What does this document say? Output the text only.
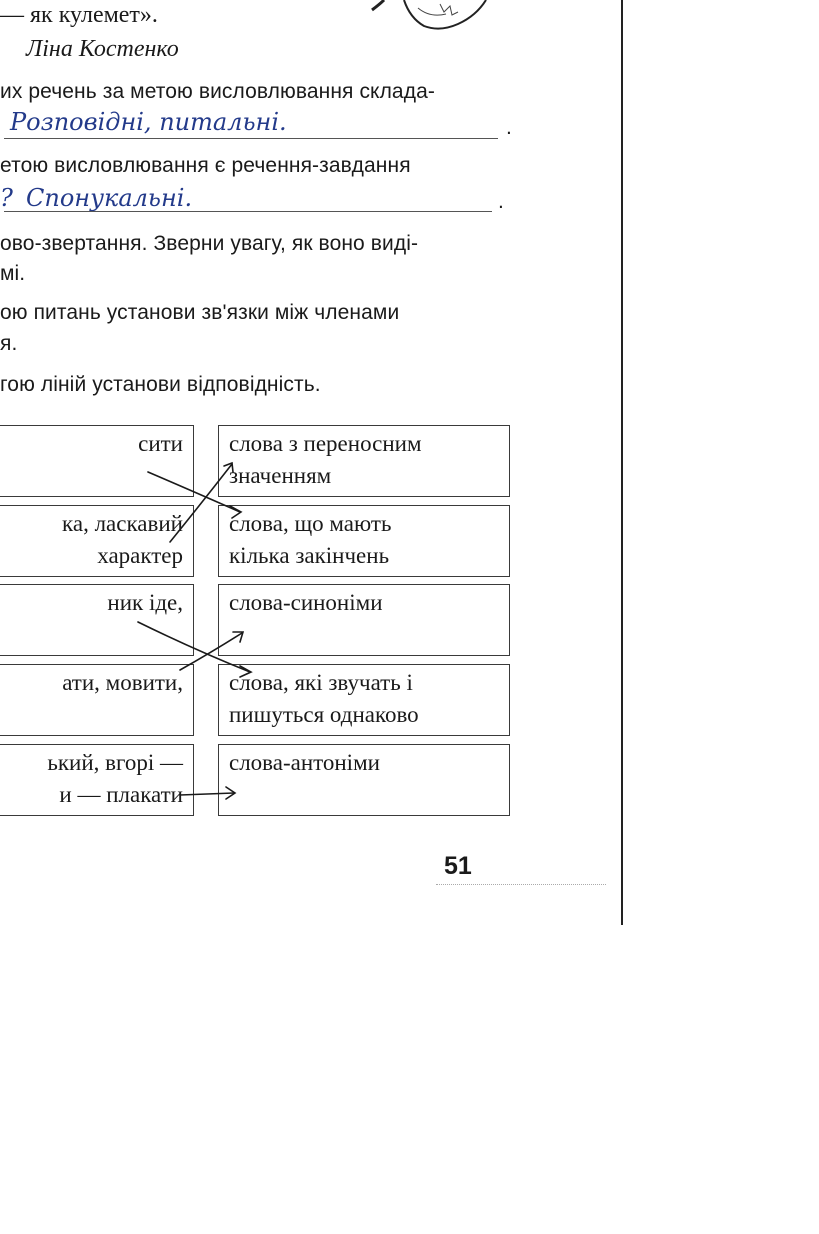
— як кулемет».
Ліна Костенко
их речень за метою висловлювання склада-
Розповідні, питальні.	.
етою висловлювання є речення-завдання
? Спонукальні.	.
ово-звертання. Зверни увагу, як воно виді-
мі.
ою питань установи зв'язки між членами
я.
гою ліній установи відповідність.
сити
ка, ласкавий
характер
ник іде,
ати, мовити,
ький, вгорі —
и — плакати
слова з переносним
значенням
слова, що мають
кілька закінчень
слова-синоніми
слова, які звучать і
пишуться однаково
слова-антоніми
51
